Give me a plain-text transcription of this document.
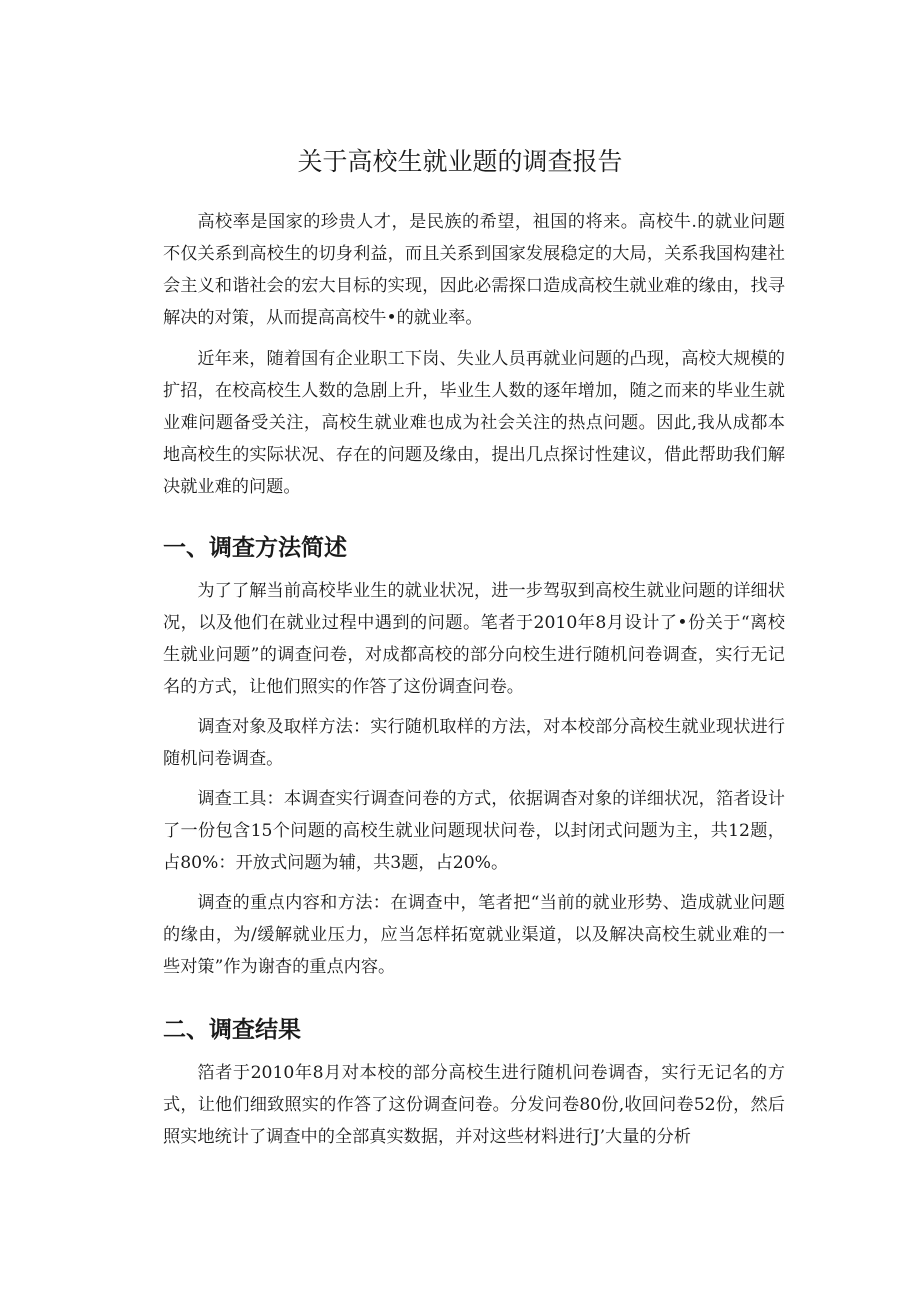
关于高校生就业题的调查报告

高校率是国家的珍贵人才，是民族的希望，祖国的将来。高校牛.的就业问题不仅关系到高校生的切身利益，而且关系到国家发展稳定的大局，关系我国构建社会主义和谐社会的宏大目标的实现，因此必需探口造成高校生就业难的缘由，找寻解决的对策，从而提高高校牛•的就业率。

近年来，随着国有企业职工下岗、失业人员再就业问题的凸现，高校大规模的扩招，在校高校生人数的急剧上升，毕业生人数的逐年增加，随之而来的毕业生就业难问题备受关注，高校生就业难也成为社会关注的热点问题。因此,我从成都本地高校生的实际状况、存在的问题及缘由，提出几点探讨性建议，借此帮助我们解决就业难的问题。

一、调查方法简述

为了了解当前高校毕业生的就业状况，进一步驾驭到高校生就业问题的详细状况，以及他们在就业过程中遇到的问题。笔者于2010年8月设计了•份关于“离校生就业问题”的调查问卷，对成都高校的部分向校生进行随机问卷调查，实行无记名的方式，让他们照实的作答了这份调查问卷。

调查对象及取样方法：实行随机取样的方法，对本校部分高校生就业现状进行随机问卷调查。

调查工具：本调查实行调查问卷的方式，依据调杳对象的详细状况，箔者设计了一份包含15个问题的高校生就业问题现状问卷，以封闭式问题为主，共12题，占80%：开放式问题为辅，共3题，占20%。

调查的重点内容和方法：在调查中，笔者把“当前的就业形势、造成就业问题的缘由，为/缓解就业压力，应当怎样拓宽就业渠道，以及解决高校生就业难的一些对策”作为谢杳的重点内容。

二、调查结果

箔者于2010年8月对本校的部分高校生进行随机问卷调杳，实行无记名的方式，让他们细致照实的作答了这份调查问卷。分发问卷80份,收回问卷52份，然后照实地统计了调查中的全部真实数据，并对这些材料进行J’大量的分析
